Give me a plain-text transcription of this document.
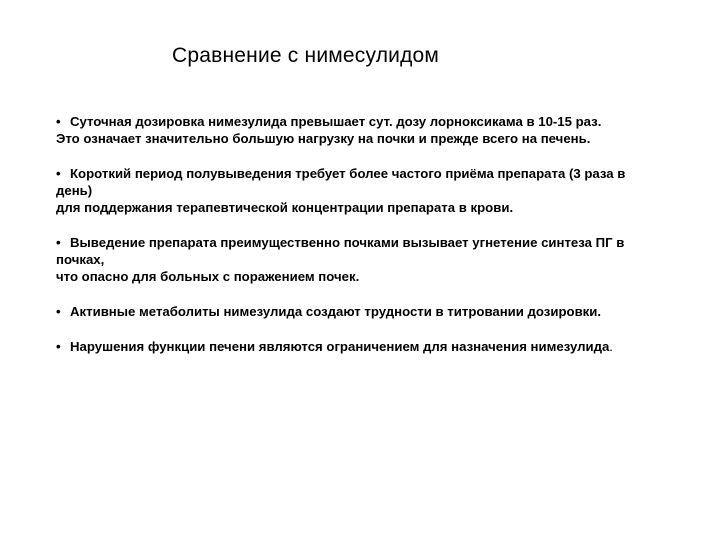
Сравнение с нимесулидом
• Суточная дозировка нимезулида превышает сут. дозу лорноксикама в 10-15 раз.
Это означает значительно большую нагрузку на почки и прежде всего на печень.
• Короткий период полувыведения требует более частого приёма препарата (3 раза в
день)
для поддержания терапевтической концентрации препарата в крови.
• Выведение препарата преимущественно почками вызывает угнетение синтеза ПГ в
почках,
что опасно для больных с поражением почек.
• Активные метаболиты нимезулида создают трудности в титровании дозировки.
• Нарушения функции печени являются ограничением для назначения нимезулида.
